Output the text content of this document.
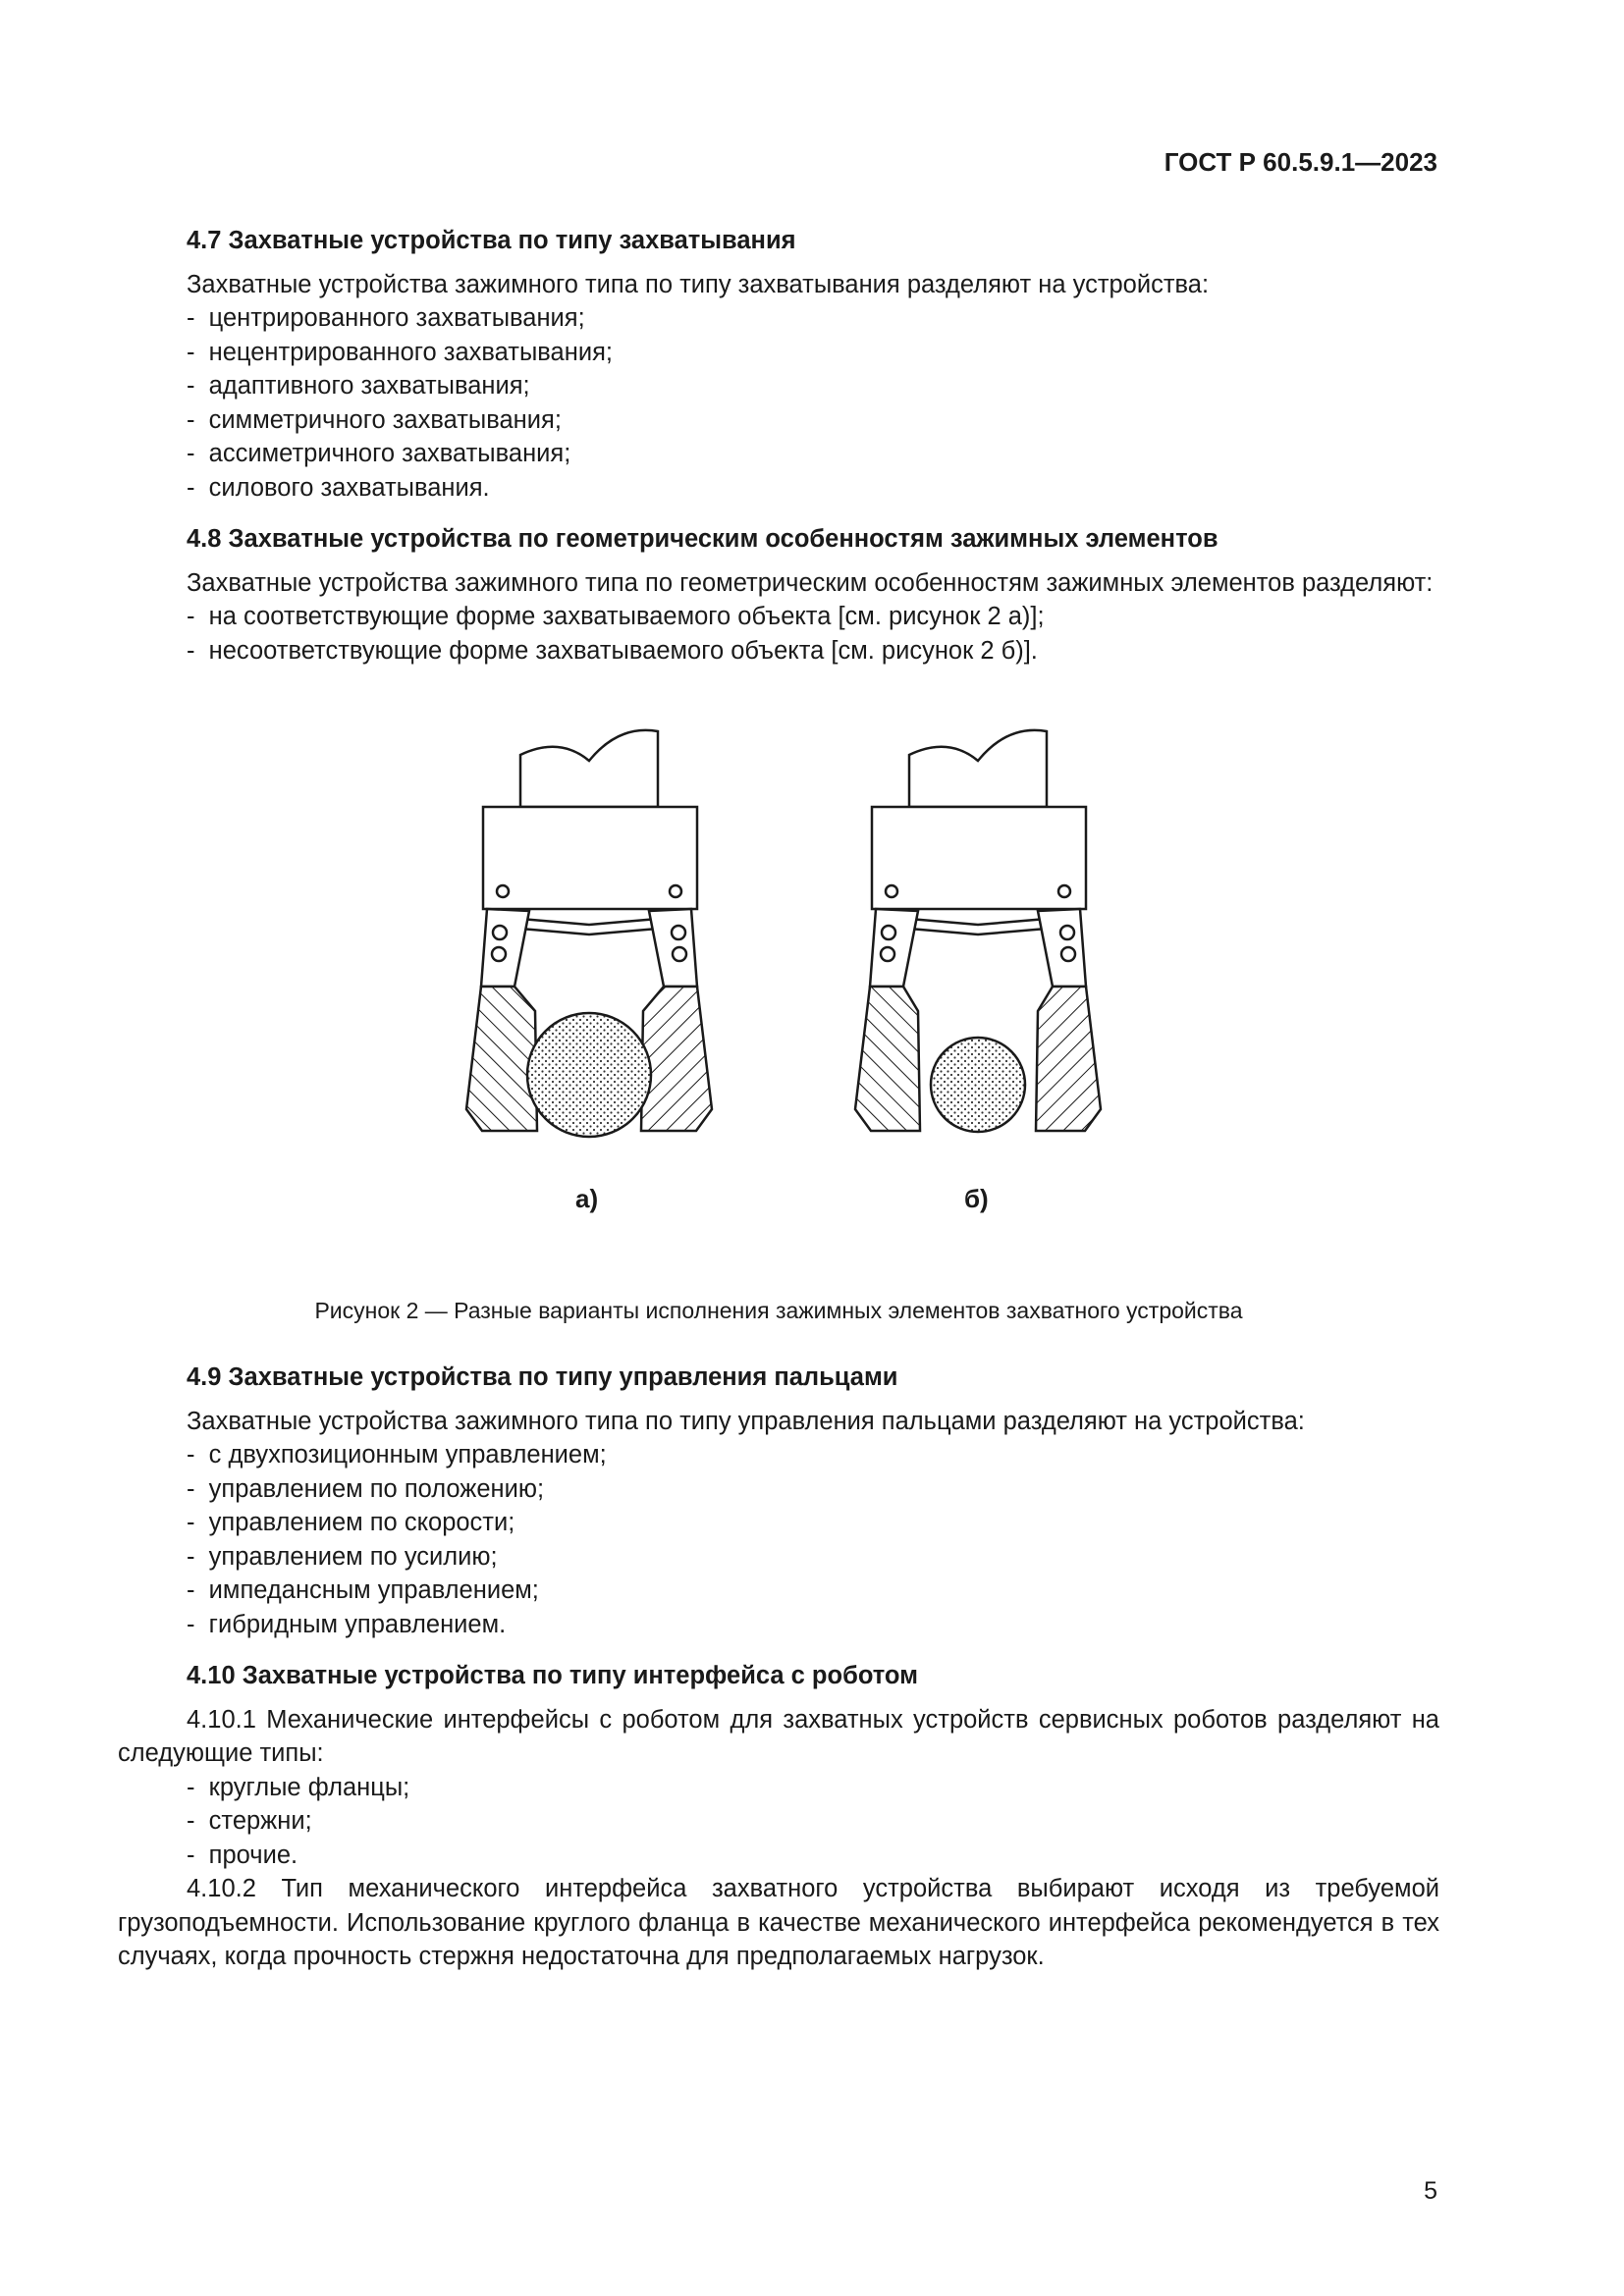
ГОСТ Р 60.5.9.1—2023

4.7 Захватные устройства по типу захватывания

Захватные устройства зажимного типа по типу захватывания разделяют на устройства:

-  центрированного захватывания;
-  нецентрированного захватывания;
-  адаптивного захватывания;
-  симметричного захватывания;
-  ассиметричного захватывания;
-  силового захватывания.

4.8 Захватные устройства по геометрическим особенностям зажимных элементов

Захватные устройства зажимного типа по геометрическим особенностям зажимных элементов разделяют:

-  на соответствующие форме захватываемого объекта [см. рисунок 2 а)];
-  несоответствующие форме захватываемого объекта [см. рисунок 2 б)].
а)	б)

Рисунок 2 — Разные варианты исполнения зажимных элементов захватного устройства

4.9 Захватные устройства по типу управления пальцами

Захватные устройства зажимного типа по типу управления пальцами разделяют на устройства:

-  с двухпозиционным управлением;
-  управлением по положению;
-  управлением по скорости;
-  управлением по усилию;
-  импедансным управлением;
-  гибридным управлением.

4.10 Захватные устройства по типу интерфейса с роботом

4.10.1 Механические интерфейсы с роботом для захватных устройств сервисных роботов разделяют на следующие типы:

-  круглые фланцы;
-  стержни;
-  прочие.

4.10.2 Тип механического интерфейса захватного устройства выбирают исходя из требуемой грузоподъемности. Использование круглого фланца в качестве механического интерфейса рекомендуется в тех случаях, когда прочность стержня недостаточна для предполагаемых нагрузок.

5
